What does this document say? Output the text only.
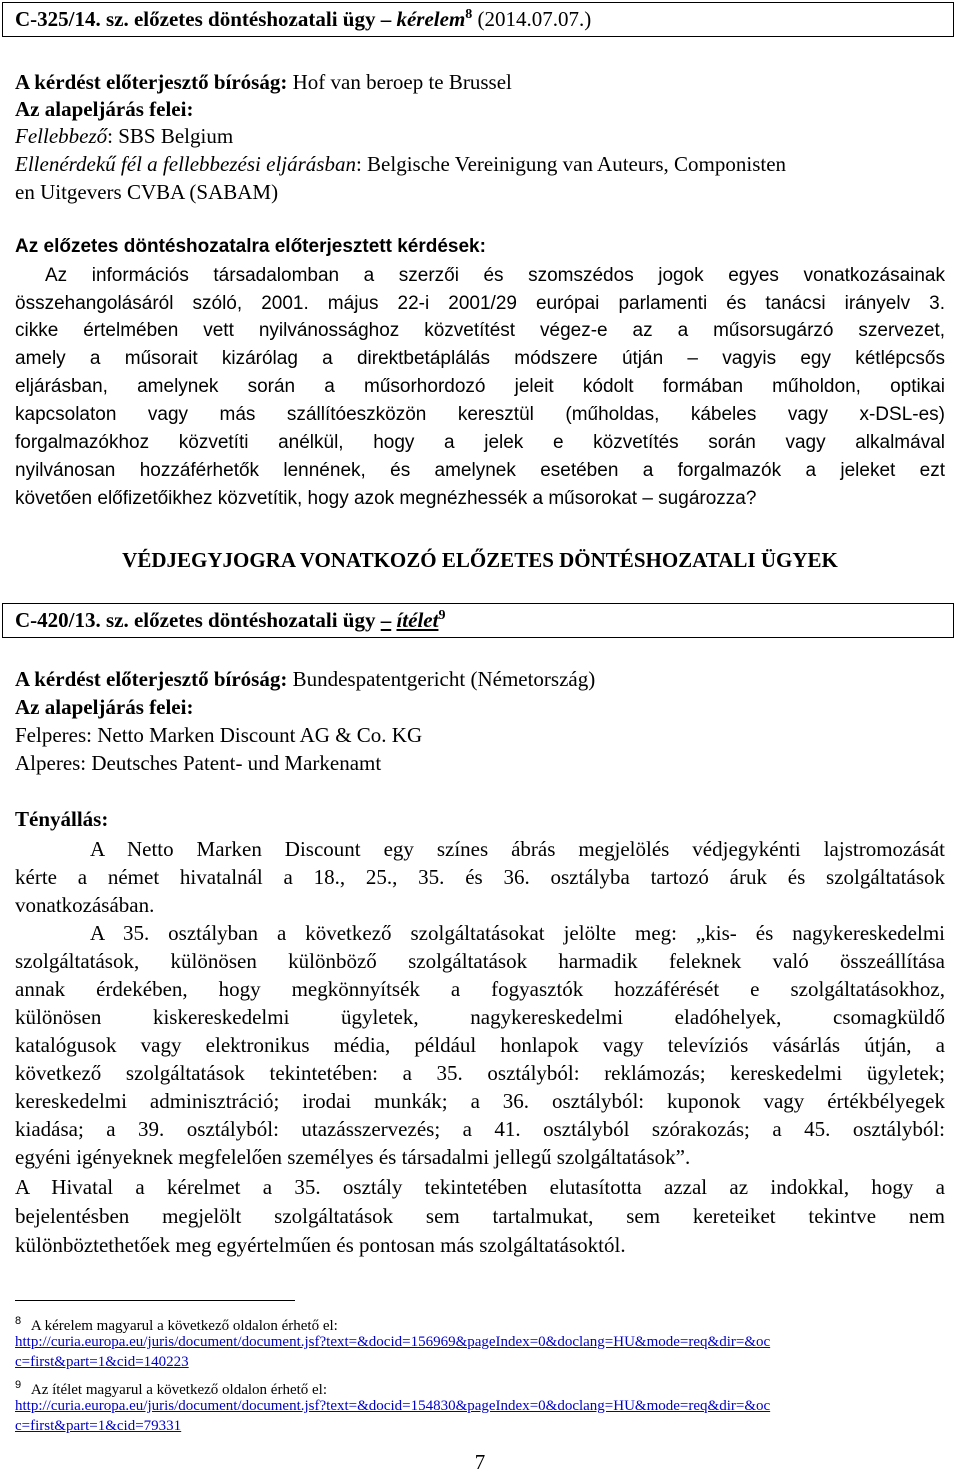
C-325/14. sz. előzetes döntéshozatali ügy – kérelem$^8$ (2014.07.07.)
A kérdést előterjesztő bíróság: Hof van beroep te Brussel
Az alapeljárás felei:
Fellebbező: SBS Belgium
Ellenérdekű fél a fellebbezési eljárásban: Belgische Vereinigung van Auteurs, Componisten
en Uitgevers CVBA (SABAM)
Az előzetes döntéshozatalra előterjesztett kérdések:
Az információs társadalomban a szerzői és szomszédos jogok egyes vonatkozásainak
összehangolásáról szóló, 2001. május 22-i 2001/29 európai parlamenti és tanácsi irányelv 3.
cikke értelmében vett nyilvánossághoz közvetítést végez-e az a műsorsugárzó szervezet,
amely a műsorait kizárólag a direktbetáplálás módszere útján – vagyis egy kétlépcsős
eljárásban, amelynek során a műsorhordozó jeleit kódolt formában műholdon, optikai
kapcsolaton vagy más szállítóeszközön keresztül (műholdas, kábeles vagy x-DSL-es)
forgalmazókhoz közvetíti anélkül, hogy a jelek e közvetítés során vagy alkalmával
nyilvánosan hozzáférhetők lennének, és amelynek esetében a forgalmazók a jeleket ezt
követően előfizetőikhez közvetítik, hogy azok megnézhessék a műsorokat – sugározza?
VÉDJEGYJOGRA VONATKOZÓ ELŐZETES DÖNTÉSHOZATALI ÜGYEK
C-420/13. sz. előzetes döntéshozatali ügy – ítélet$^9$
A kérdést előterjesztő bíróság: Bundespatentgericht (Németország)
Az alapeljárás felei:
Felperes: Netto Marken Discount AG & Co. KG
Alperes: Deutsches Patent- und Markenamt
Tényállás:
A Netto Marken Discount egy színes ábrás megjelölés védjegykénti lajstromozását
kérte a német hivatalnál a 18., 25., 35. és 36. osztályba tartozó áruk és szolgáltatások
vonatkozásában.
A 35. osztályban a következő szolgáltatásokat jelölte meg: „kis- és nagykereskedelmi
szolgáltatások, különösen különböző szolgáltatások harmadik feleknek való összeállítása
annak érdekében, hogy megkönnyítsék a fogyasztók hozzáférését e szolgáltatásokhoz,
különösen kiskereskedelmi ügyletek, nagykereskedelmi eladóhelyek, csomagküldő
katalógusok vagy elektronikus média, például honlapok vagy televíziós vásárlás útján, a
következő szolgáltatások tekintetében: a 35. osztályból: reklámozás; kereskedelmi ügyletek;
kereskedelmi adminisztráció; irodai munkák; a 36. osztályból: kuponok vagy értékbélyegek
kiadása; a 39. osztályból: utazásszervezés; a 41. osztályból szórakozás; a 45. osztályból:
egyéni igényeknek megfelelően személyes és társadalmi jellegű szolgáltatások”.
A Hivatal a kérelmet a 35. osztály tekintetében elutasította azzal az indokkal, hogy a
bejelentésben megjelölt szolgáltatások sem tartalmukat, sem kereteiket tekintve nem
különböztethetőek meg egyértelműen és pontosan más szolgáltatásoktól.
$^8$ A kérelem magyarul a következő oldalon érhető el:
http://curia.europa.eu/juris/document/document.jsf?text=&docid=156969&pageIndex=0&doclang=HU&mode=req&dir=&oc
c=first&part=1&cid=140223
$^9$ Az ítélet magyarul a következő oldalon érhető el:
http://curia.europa.eu/juris/document/document.jsf?text=&docid=154830&pageIndex=0&doclang=HU&mode=req&dir=&oc
c=first&part=1&cid=79331
7
